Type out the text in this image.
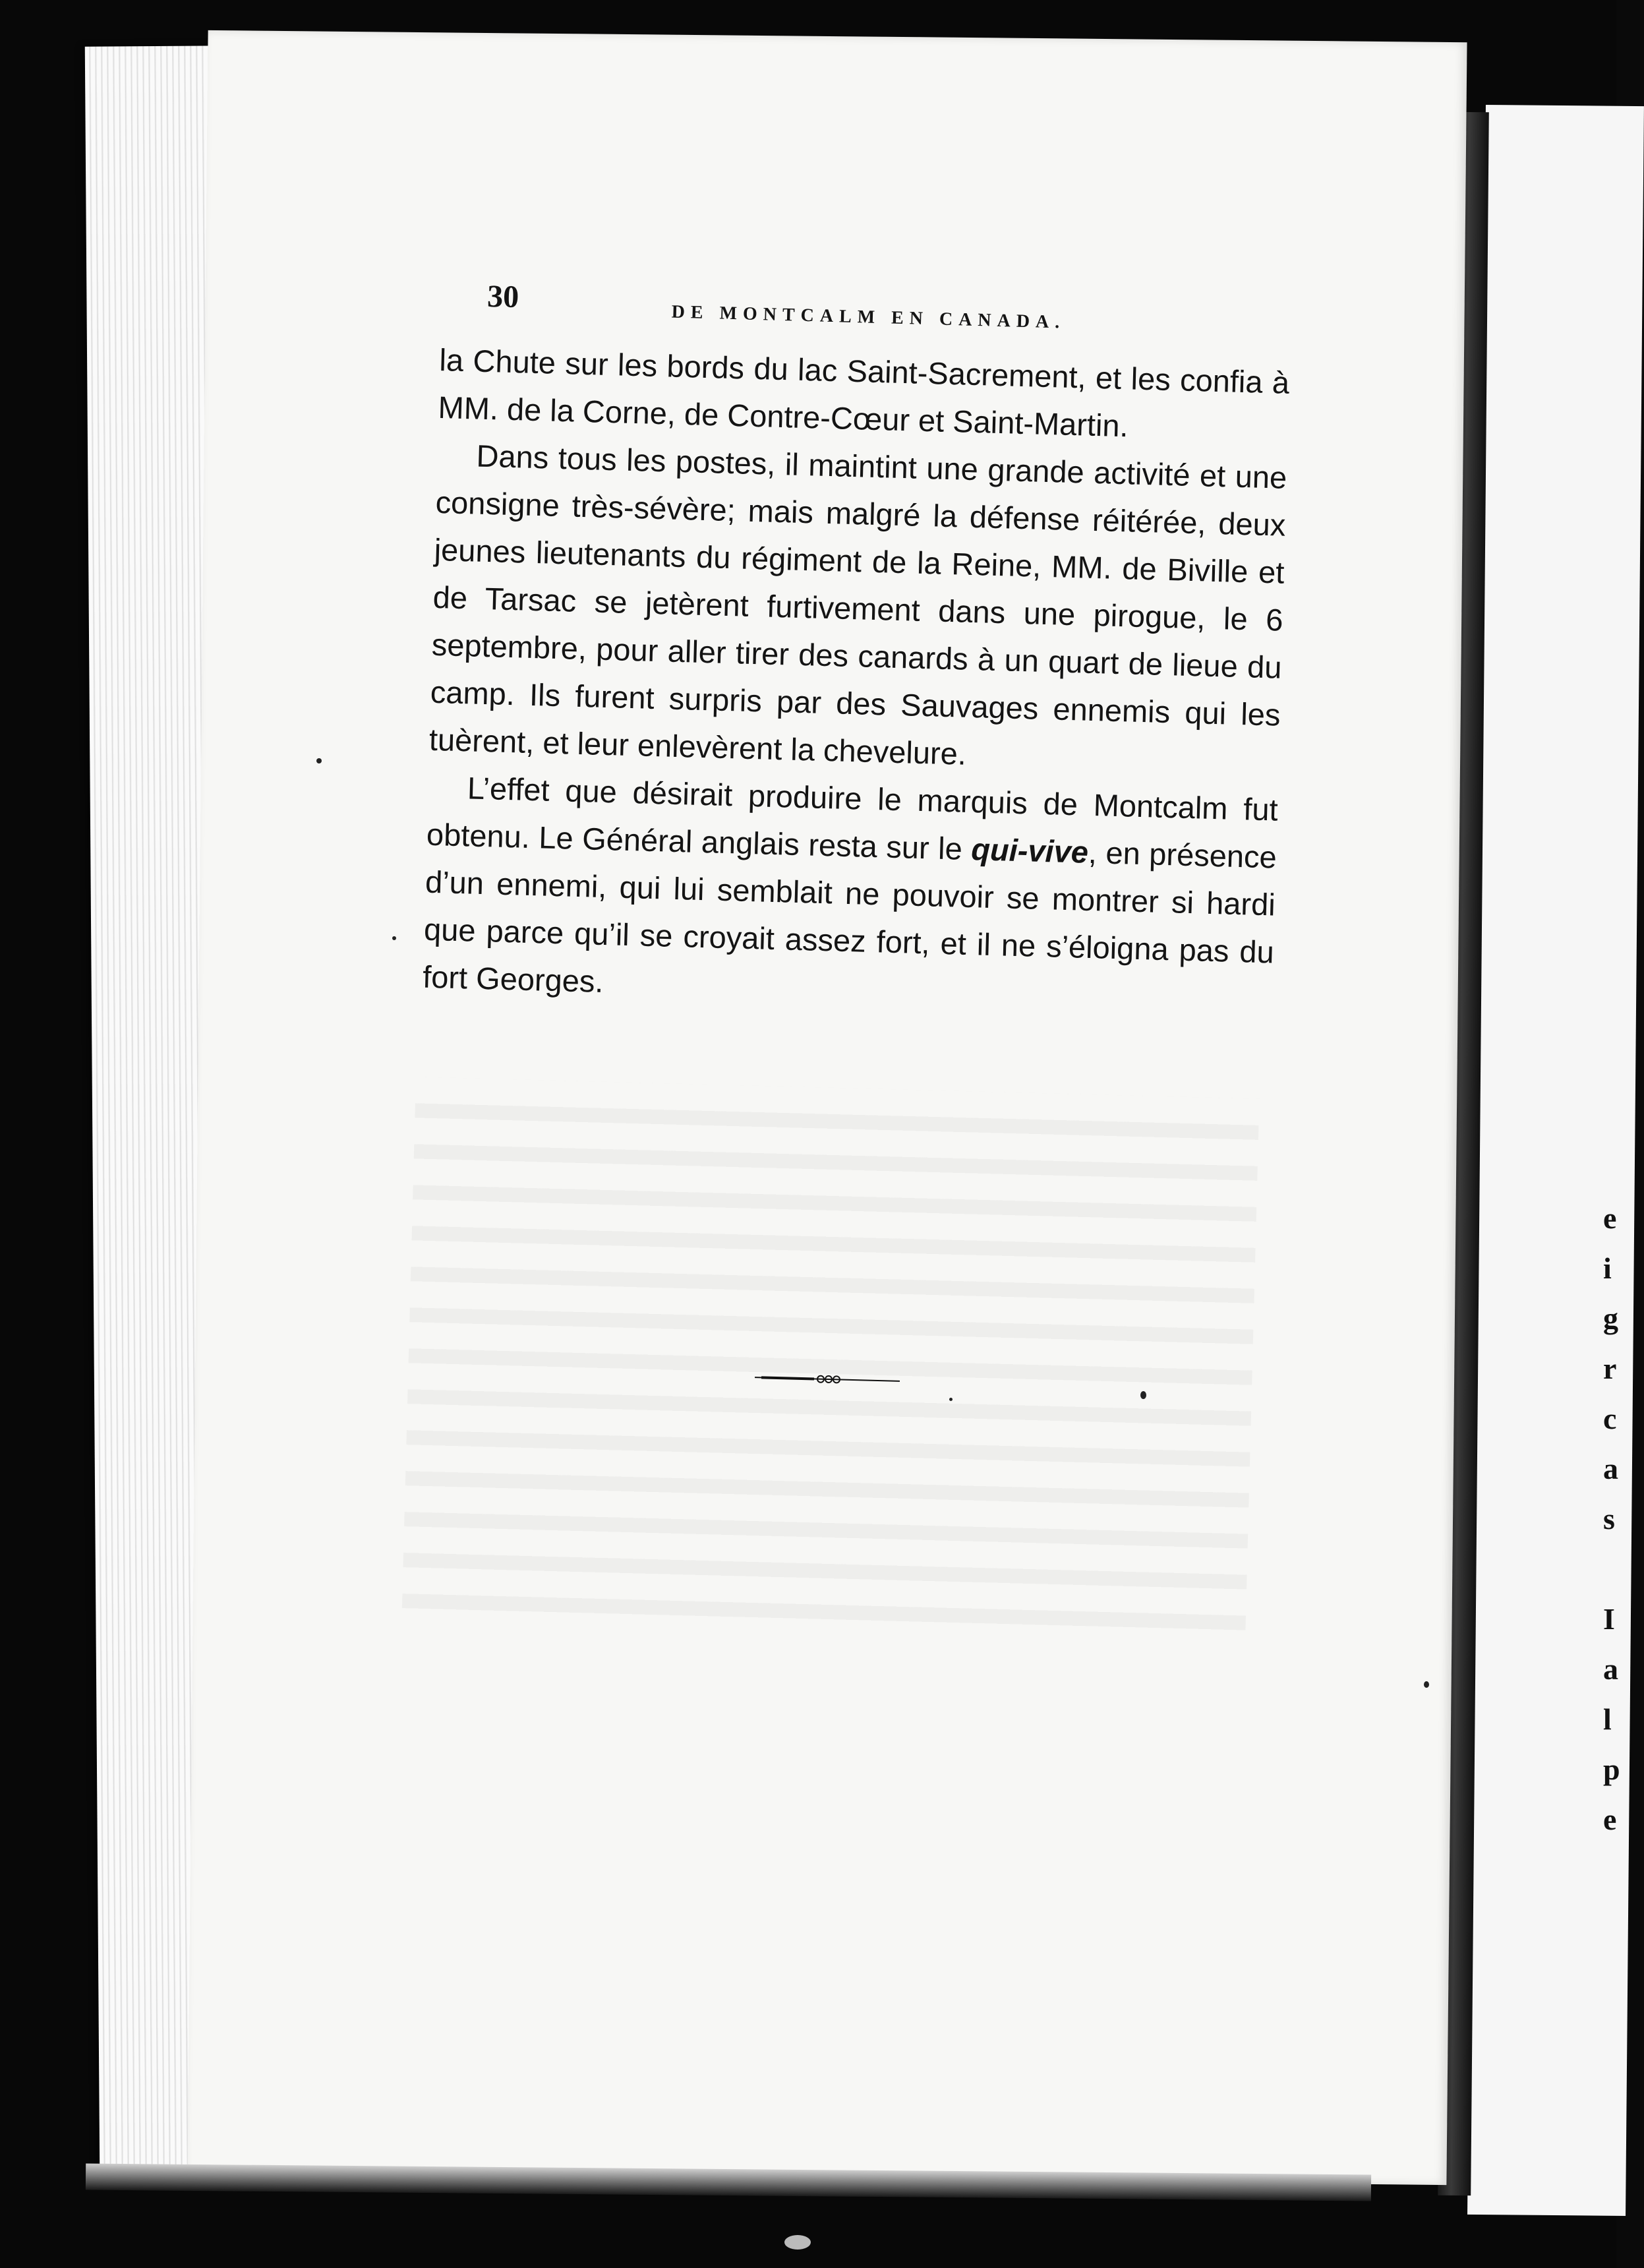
e
i
g
r
c
a
s

I
a
l
p
e
30
DE MONTCALM EN CANADA.

la Chute sur les bords du lac Saint-Sacrement, et les confia à MM. de la Corne, de Contre-Cœur et Saint-Martin.

Dans tous les postes, il maintint une grande activité et une consigne très-sévère; mais malgré la défense réitérée, deux jeunes lieutenants du régiment de la Reine, MM. de Biville et de Tarsac se jetèrent furtivement dans une pirogue, le 6 septembre, pour aller tirer des canards à un quart de lieue du camp. Ils furent surpris par des Sauvages ennemis qui les tuèrent, et leur enlevèrent la chevelure.

L’effet que désirait produire le marquis de Montcalm fut obtenu. Le Général anglais resta sur le qui-vive, en présence d’un ennemi, qui lui semblait ne pouvoir se montrer si hardi que parce qu’il se croyait assez fort, et il ne s’éloigna pas du fort Georges.
